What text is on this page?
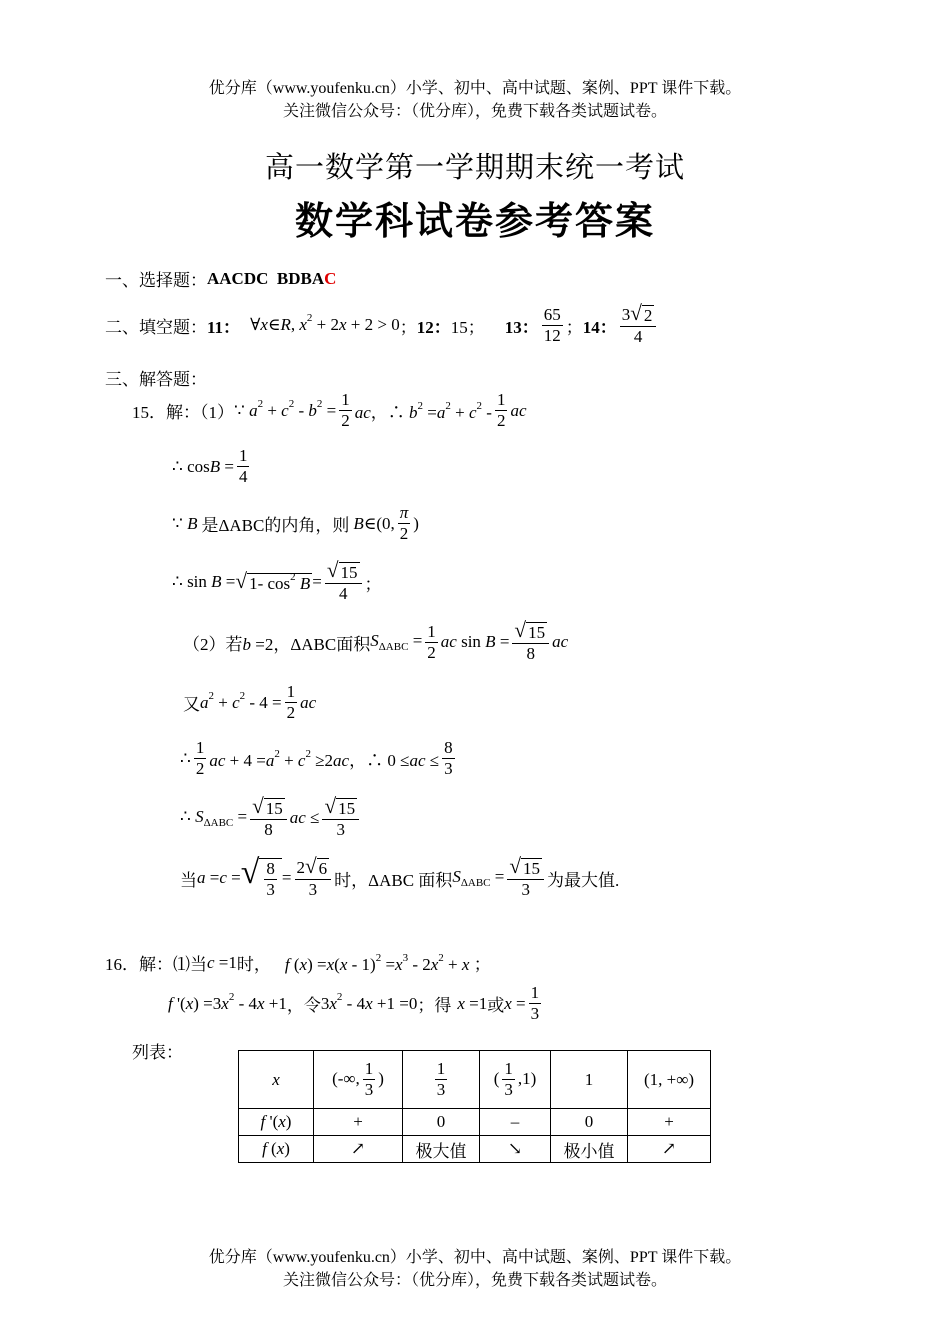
优分库（www.youfenku.cn）小学、初中、高中试题、案例、PPT 课件下载。
关注微信公众号：（优分库），免费下载各类试题试卷。
高一数学第一学期期末统一考试
数学科试卷参考答案
一、选择题： AACDC  BDBA C
二、填空题： 11： ∀x∈R, $x^2 + 2x + 2 > 0$ ； 12： 15； 13： $\frac{65}{12}$ ； 14： $\frac{3 √ 2}{4}$
三、解答题：
15．解：（1） ∵ $a^2 + c^2 - b^2 = \frac{1}{2}$ ac，∴ $b^2 =a^2 + c^2 - \frac{1}{2}$ ac
∴ $\cos B = \frac{1}{4}$
∵ B 是ΔABC的内角，则 B∈(0, $\frac{\pi}{2}$ )
∴ sin B = √ 1- $\cos^2 B = \frac{√ 15}{4}$ ；
（2）若 b =2， ΔABC面积 $S_{\Delta ABC} = \frac{1}{2}$ ac $\sin B = \frac{√ 15}{8}$ ac
又 $a^2 + c^2 - 4 = \frac{1}{2}$ ac
∴ $\frac{1}{2}$ ac + $4 =a^2 + c^2 \ge 2ac$，∴ $0 \le ac \le \frac{8}{3}$
∴ $S_{\Delta ABC} = \frac{√ 15}{8}$ ac ≤ $\frac{√ 15}{3}$
当 a =c = √ $\frac{8}{3} = \frac{2 √ 6}{3}$ 时，ΔABC 面积 $S_{\Delta ABC} = \frac{√ 15}{3}$ 为最大值.
16．解：⑴当 c =1 时， f $(x) =x(x - 1)^2 =x^3 - 2x^2 + x$ ；
f '$(x) =3x^2 - 4x +1$ ，令 $3x^2 - 4x +1 =0$ ；得 x =1 或 $x = \frac{1}{3}$
列表：
x	(-∞, $\frac{1}{3}$ )	$\frac{1}{3}$	( $\frac{1}{3} ,1$)	1	(1, +∞)
f '(x)	+	0	–	0	+
f (x)	↗	极大值	↘	极小值	↗
优分库（www.youfenku.cn）小学、初中、高中试题、案例、PPT 课件下载。
关注微信公众号：（优分库），免费下载各类试题试卷。
